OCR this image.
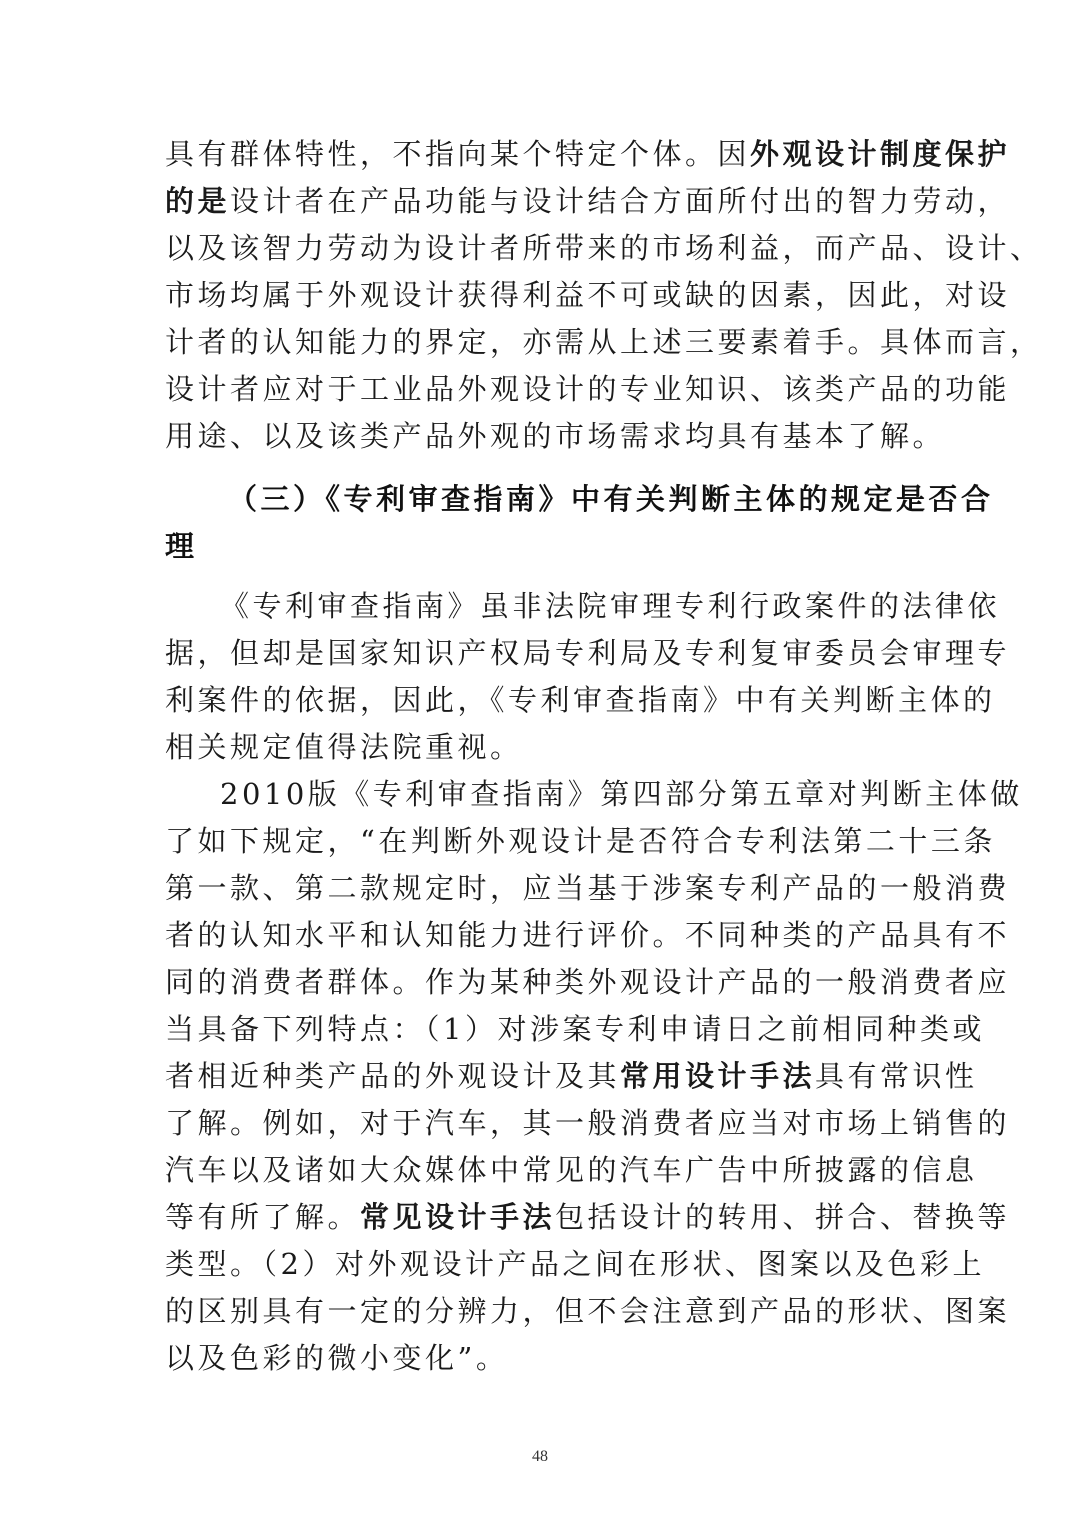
具有群体特性，不指向某个特定个体。因外观设计制度保护
的是设计者在产品功能与设计结合方面所付出的智力劳动，
以及该智力劳动为设计者所带来的市场利益，而产品、设计、
市场均属于外观设计获得利益不可或缺的因素，因此，对设
计者的认知能力的界定，亦需从上述三要素着手。具体而言，
设计者应对于工业品外观设计的专业知识、该类产品的功能
用途、以及该类产品外观的市场需求均具有基本了解。
（三）《专利审查指南》中有关判断主体的规定是否合
理
《专利审查指南》虽非法院审理专利行政案件的法律依
据，但却是国家知识产权局专利局及专利复审委员会审理专
利案件的依据，因此，《专利审查指南》中有关判断主体的
相关规定值得法院重视。
2010版《专利审查指南》第四部分第五章对判断主体做
了如下规定，“在判断外观设计是否符合专利法第二十三条
第一款、第二款规定时，应当基于涉案专利产品的一般消费
者的认知水平和认知能力进行评价。不同种类的产品具有不
同的消费者群体。作为某种类外观设计产品的一般消费者应
当具备下列特点：（1）对涉案专利申请日之前相同种类或
者相近种类产品的外观设计及其常用设计手法具有常识性
了解。例如，对于汽车，其一般消费者应当对市场上销售的
汽车以及诸如大众媒体中常见的汽车广告中所披露的信息
等有所了解。常见设计手法包括设计的转用、拼合、替换等
类型。（2）对外观设计产品之间在形状、图案以及色彩上
的区别具有一定的分辨力，但不会注意到产品的形状、图案
以及色彩的微小变化”。
48
